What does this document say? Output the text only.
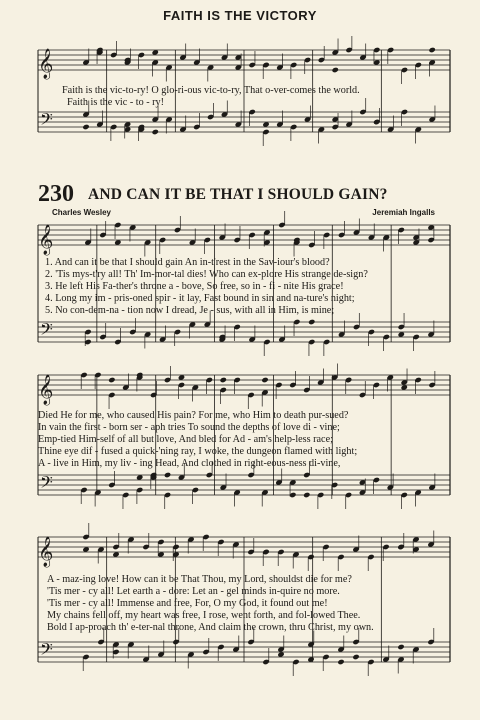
𝄞
𝄢
𝄞
𝄢
𝄞
𝄢
𝄞
𝄢
FAITH IS THE VICTORY
Faith is the vic-to-ry! O glo-ri-ous vic-to-ry, That o-ver-comes the world.
Faith is the vic - to - ry!
230 AND CAN IT BE THAT I SHOULD GAIN?
Charles Wesley	Jeremiah Ingalls
1. And can it be that I should gain An in-t'rest in the Sav-iour's blood?
2. 'Tis mys-t'ry all! Th' Im-mor-tal dies! Who can ex-plore His strange de-sign?
3. He left His Fa-ther's throne a - bove, So free, so in - fi - nite His grace!
4. Long my im - pris-oned spir - it lay, Fast bound in sin and na-ture's night;
5. No con-dem-na - tion now I dread, Je - sus, with all in Him, is mine;
Died He for me, who caused His pain? For me, who Him to death pur-sued?
In vain the first - born ser - aph tries To sound the depths of love di - vine;
Emp-tied Him-self of all but love, And bled for Ad - am's help-less race;
Thine eye dif - fused a quick-'ning ray, I woke, the dungeon flamed with light;
A - live in Him, my liv - ing Head, And clothed in right-eous-ness di-vine,
A - maz-ing love! How can it be That Thou, my Lord, shouldst die for me?
'Tis mer - cy all! Let earth a - dore: Let an - gel minds in-quire no more.
'Tis mer - cy all! Immense and free, For, O my God, it found out me!
My chains fell off, my heart was free, I rose, went forth, and fol-lowed Thee.
Bold I ap-proach th' e-ter-nal throne, And claim the crown, thru Christ, my own.
